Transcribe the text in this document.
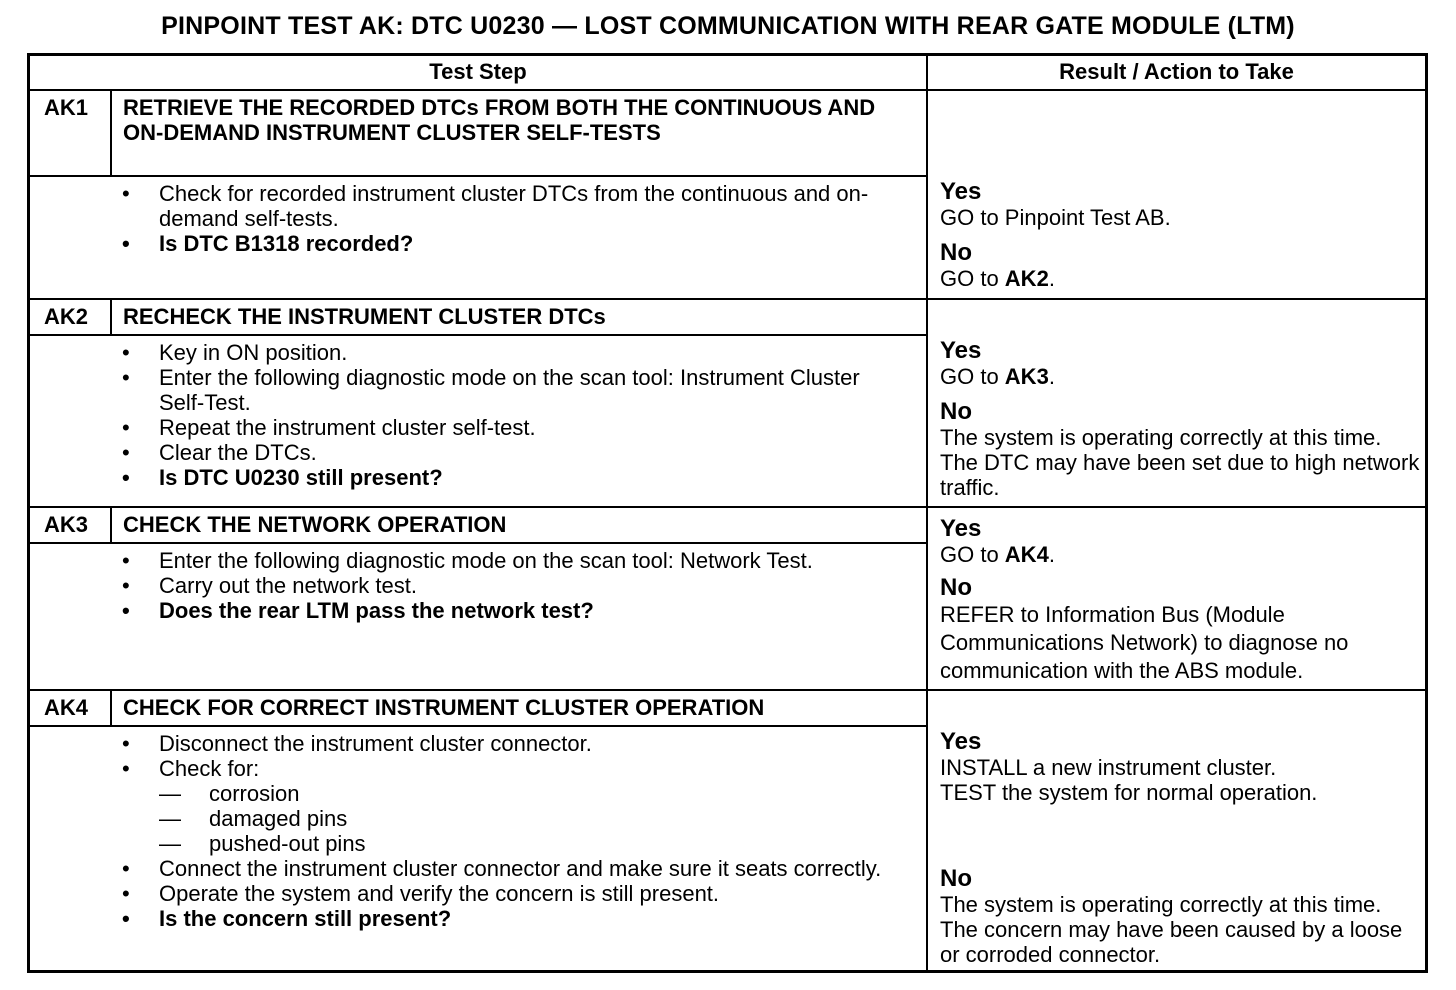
PINPOINT TEST AK: DTC U0230 — LOST COMMUNICATION WITH REAR GATE MODULE (LTM)
Test Step	Result / Action to Take
AK1 RETRIEVE THE RECORDED DTCs FROM BOTH THE CONTINUOUS AND ON-DEMAND INSTRUMENT CLUSTER SELF-TESTS
• Check for recorded instrument cluster DTCs from the continuous and on-demand self-tests.
• Is DTC B1318 recorded?
Yes
GO to Pinpoint Test AB.
No
GO to AK2.
AK2 RECHECK THE INSTRUMENT CLUSTER DTCs
• Key in ON position.
• Enter the following diagnostic mode on the scan tool: Instrument Cluster Self-Test.
• Repeat the instrument cluster self-test.
• Clear the DTCs.
• Is DTC U0230 still present?
Yes
GO to AK3.
No
The system is operating correctly at this time. The DTC may have been set due to high network traffic.
AK3 CHECK THE NETWORK OPERATION
• Enter the following diagnostic mode on the scan tool: Network Test.
• Carry out the network test.
• Does the rear LTM pass the network test?
Yes
GO to AK4.
No
REFER to Information Bus (Module Communications Network) to diagnose no communication with the ABS module.
AK4 CHECK FOR CORRECT INSTRUMENT CLUSTER OPERATION
• Disconnect the instrument cluster connector.
• Check for:
— corrosion
— damaged pins
— pushed-out pins
• Connect the instrument cluster connector and make sure it seats correctly.
• Operate the system and verify the concern is still present.
• Is the concern still present?
Yes
INSTALL a new instrument cluster.
TEST the system for normal operation.
No
The system is operating correctly at this time. The concern may have been caused by a loose or corroded connector.
